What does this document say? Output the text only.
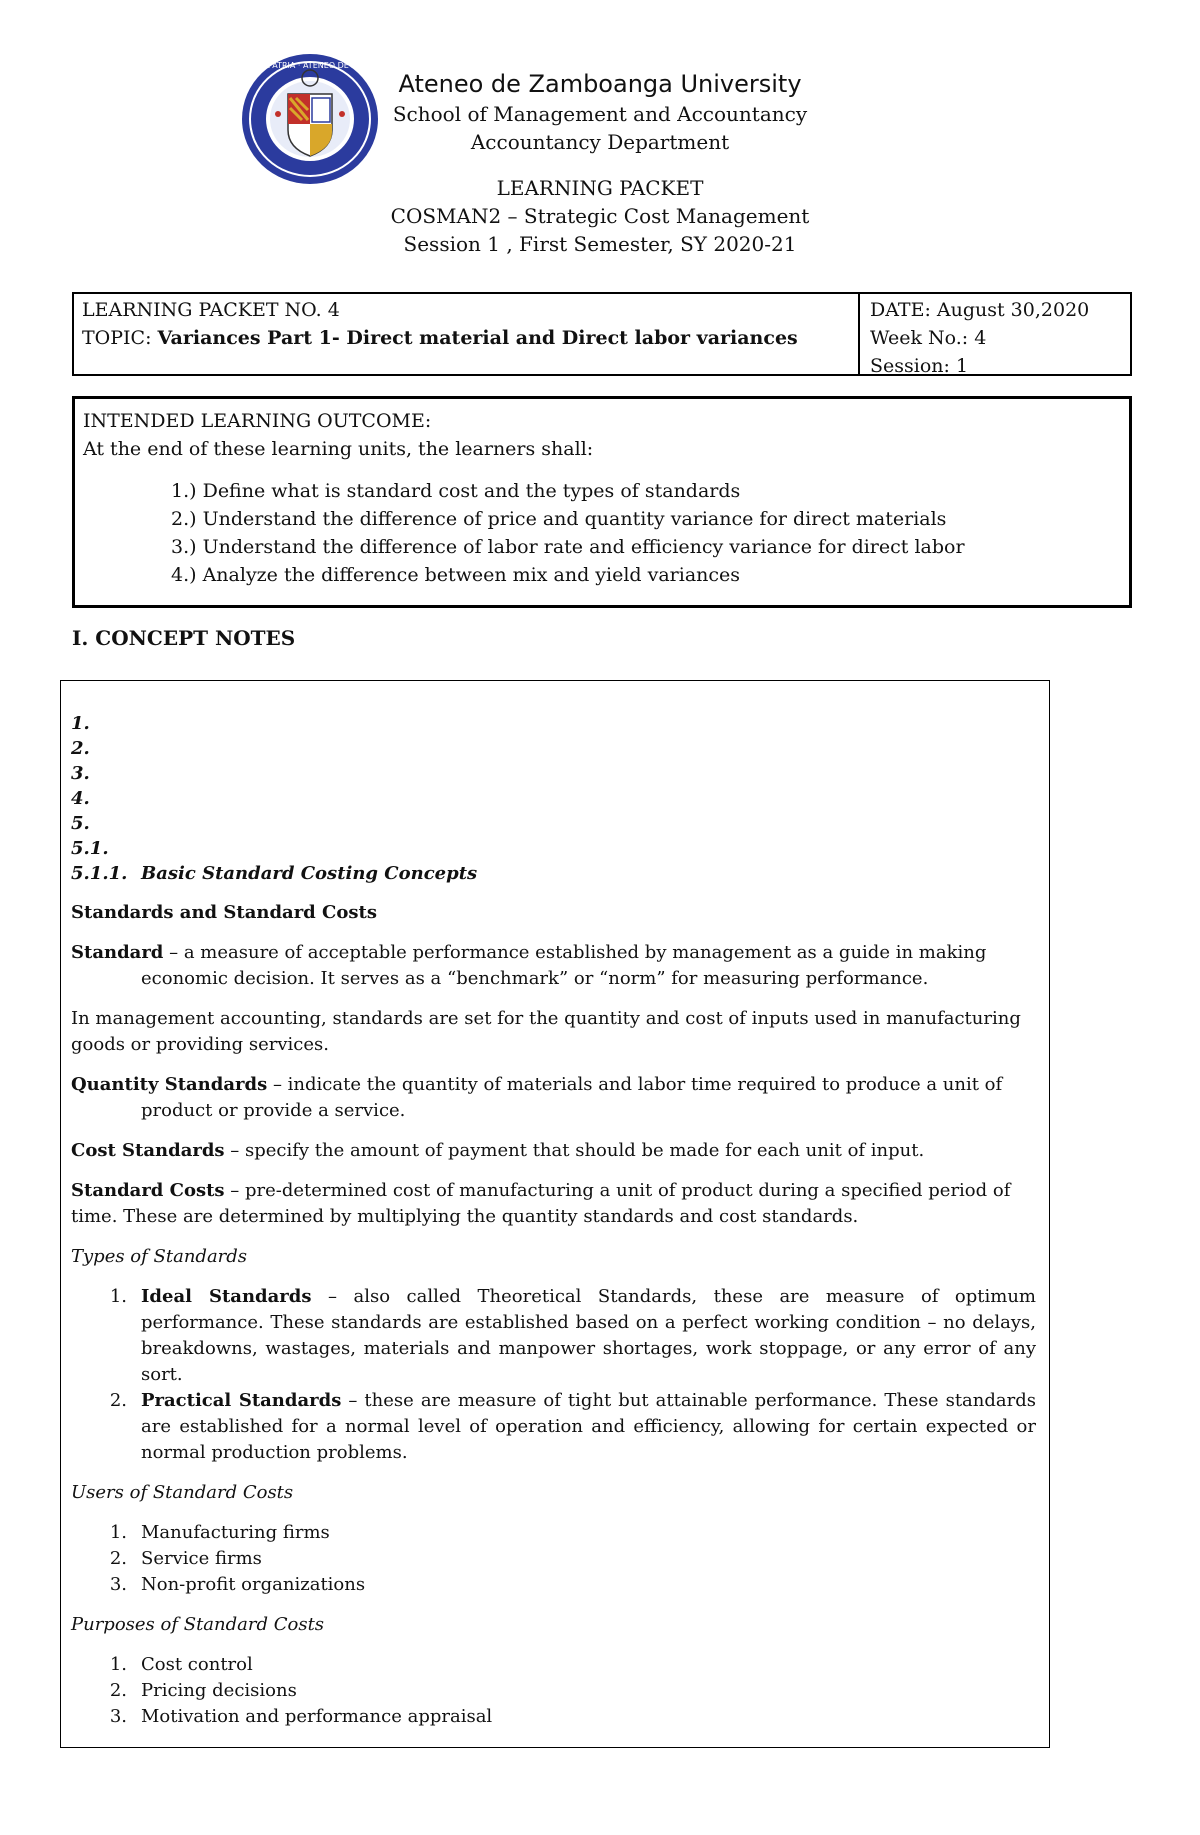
PRO DEO ET PATRIA · ATENEO DE ZAMBOANGA
Ateneo de Zamboanga University
School of Management and Accountancy
Accountancy Department
LEARNING PACKET
COSMAN2 – Strategic Cost Management
Session 1 , First Semester, SY 2020-21
LEARNING PACKET NO. 4
TOPIC: Variances Part 1- Direct material and Direct labor variances
DATE: August 30,2020
Week No.: 4
Session: 1
INTENDED LEARNING OUTCOME:
At the end of these learning units, the learners shall:
1.) Define what is standard cost and the types of standards
2.) Understand the difference of price and quantity variance for direct materials
3.) Understand the difference of labor rate and efficiency variance for direct labor
4.) Analyze the difference between mix and yield variances
I. CONCEPT NOTES
1.
2.
3.
4.
5.
5.1.
5.1.1. Basic Standard Costing Concepts

Standards and Standard Costs

Standard – a measure of acceptable performance established by management as a guide in making economic decision. It serves as a “benchmark” or “norm” for measuring performance.

In management accounting, standards are set for the quantity and cost of inputs used in manufacturing goods or providing services.

Quantity Standards – indicate the quantity of materials and labor time required to produce a unit of product or provide a service.

Cost Standards – specify the amount of payment that should be made for each unit of input.

Standard Costs – pre-determined cost of manufacturing a unit of product during a specified period of time. These are determined by multiplying the quantity standards and cost standards.

Types of Standards

1. Ideal Standards – also called Theoretical Standards, these are measure of optimum performance. These standards are established based on a perfect working condition – no delays, breakdowns, wastages, materials and manpower shortages, work stoppage, or any error of any sort.
2. Practical Standards – these are measure of tight but attainable performance. These standards are established for a normal level of operation and efficiency, allowing for certain expected or normal production problems.

Users of Standard Costs

1. Manufacturing firms
2. Service firms
3. Non-profit organizations

Purposes of Standard Costs

1. Cost control
2. Pricing decisions
3. Motivation and performance appraisal
